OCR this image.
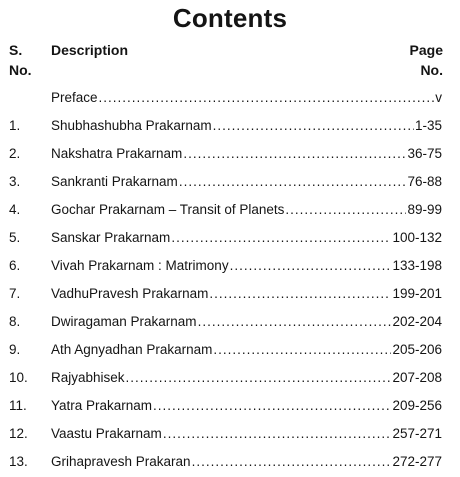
Contents
S.
No.
Description	Page
No.
Preface .....	v
1.	Shubhashubha Prakarnam .....	1-35
2.	Nakshatra Prakarnam .....	36-75
3.	Sankranti Prakarnam .....	76-88
4.	Gochar Prakarnam – Transit of Planets .....	89-99
5.	Sanskar Prakarnam .....	100-132
6.	Vivah Prakarnam : Matrimony .....	133-198
7.	VadhuPravesh Prakarnam .....	199-201
8.	Dwiragaman Prakarnam .....	202-204
9.	Ath Agnyadhan Prakarnam .....	205-206
10.	Rajyabhisek .....	207-208
11.	Yatra Prakarnam .....	209-256
12.	Vaastu Prakarnam .....	257-271
13.	Grihapravesh Prakaran .....	272-277
